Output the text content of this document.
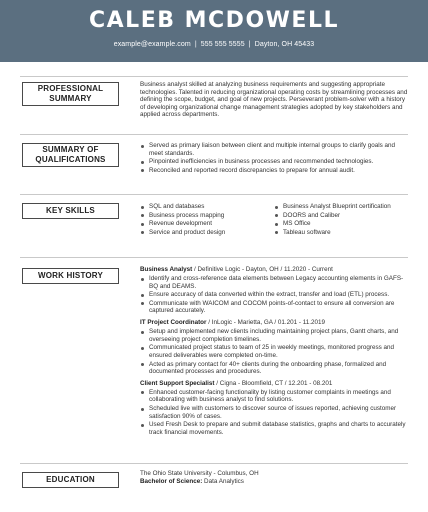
CALEB MCDOWELL
example@example.com | 555 555 5555 | Dayton, OH 45433
PROFESSIONAL SUMMARY

Business analyst skilled at analyzing business requirements and suggesting appropriate technologies. Talented in reducing organizational operating costs by streamlining processes and defining the scope, budget, and goal of new projects. Perseverant problem-solver with a history of developing organizational change management strategies adopted by key stakeholders and applied across departments.

SUMMARY OF QUALIFICATIONS
Served as primary liaison between client and multiple internal groups to clarify goals and meet standards.
Pinpointed inefficiencies in business processes and recommended technologies.
Reconciled and reported record discrepancies to prepare for annual audit.
KEY SKILLS	SQL and databases
Business process mapping
Revenue development
Service and product design
Business Analyst Blueprint certification
DOORS and Caliber
MS Office
Tableau software
WORK HISTORY
Business Analyst / Definitive Logic - Dayton, OH / 11.2020 - Current
Identify and cross-reference data elements between Legacy accounting elements in GAFS-BQ and DEAMS.
Ensure accuracy of data converted within the extract, transfer and load (ETL) process.
Communicate with WAICOM and COCOM points-of-contact to ensure all conversion are captured accurately.
IT Project Coordinator / InLogic - Marietta, GA / 01.201 - 11.2019
Setup and implemented new clients including maintaining project plans, Gantt charts, and overseeing project completion timelines.
Communicated project status to team of 25 in weekly meetings, monitored progress and ensured deliverables were completed on-time.
Acted as primary contact for 40+ clients during the onboarding phase, formalized and documented processes and procedures.
Client Support Specialist / Cigna - Bloomfield, CT / 12.201 - 08.201
Enhanced customer-facing functionality by listing customer complaints in meetings and collaborating with business analyst to find solutions.
Scheduled live with customers to discover source of issues reported, achieving customer satisfaction 90% of cases.
Used Fresh Desk to prepare and submit database statistics, graphs and charts to accurately track financial movements.
EDUCATION

The Ohio State University - Columbus, OH

Bachelor of Science: Data Analytics
